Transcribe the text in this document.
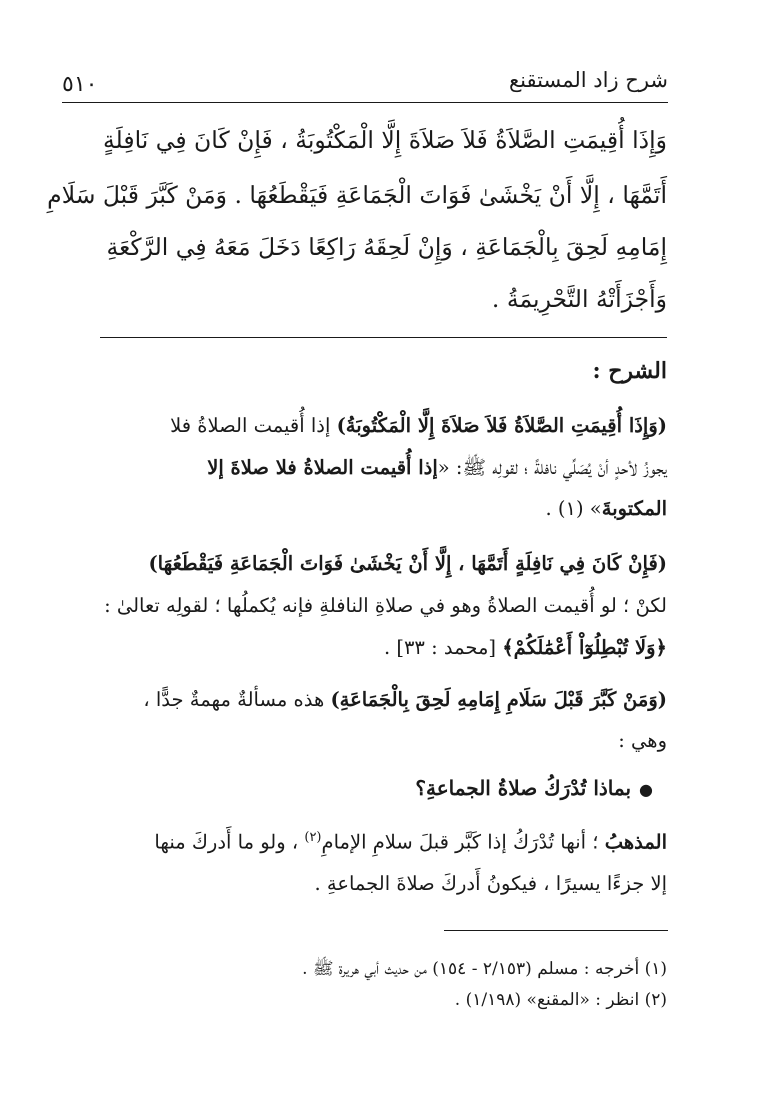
شرح زاد المستقنع
٥١٠
وَإِذَا أُقِيمَتِ الصَّلاَةُ فَلاَ صَلاَةَ إِلَّا الْمَكْتُوبَةُ ، فَإِنْ كَانَ فِي نَافِلَةٍ
أَتَمَّهَا ، إِلَّا أَنْ يَخْشَىٰ فَوَاتَ الْجَمَاعَةِ فَيَقْطَعُهَا . وَمَنْ كَبَّرَ قَبْلَ سَلَامِ
إِمَامِهِ لَحِقَ بِالْجَمَاعَةِ ، وَإِنْ لَحِقَهُ رَاكِعًا دَخَلَ مَعَهُ فِي الرَّكْعَةِ
وَأَجْزَأَتْهُ التَّحْرِيمَةُ .
الشرح :
(وَإِذَا أُقِيمَتِ الصَّلاَةُ فَلاَ صَلاَةَ إِلَّا الْمَكْتُوبَةُ) إذا أُقيمت الصلاةُ فلا
يجوزُ لأحدٍ أنْ يُصَلِّي نافلةً ؛ لقولِه ﷺ: «إذا أُقيمت الصلاةُ فلا صلاةَ إلا
المكتوبةَ» (١) .
(فَإِنْ كَانَ فِي نَافِلَةٍ أَتَمَّهَا ، إِلَّا أَنْ يَخْشَىٰ فَوَاتَ الْجَمَاعَةِ فَيَقْطَعُهَا)
لكنْ ؛ لو أُقيمت الصلاةُ وهو في صلاةِ النافلةِ فإنه يُكملُها ؛ لقولِه تعالىٰ :
﴿وَلَا تُبْطِلُوٓاْ أَعْمَٰلَكُمْ﴾ [محمد : ٣٣] .
(وَمَنْ كَبَّرَ قَبْلَ سَلَامِ إِمَامِهِ لَحِقَ بِالْجَمَاعَةِ) هذه مسألةٌ مهمةٌ جدًّا ،
وهي :
●بماذا تُدْرَكُ صلاةُ الجماعةِ؟
المذهبُ ؛ أنها تُدْرَكُ إذا كَبَّر قبلَ سلامِ الإمامِ$^{(٢)}$ ، ولو ما أَدركَ منها
إلا جزءًا يسيرًا ، فيكونُ أَدركَ صلاةَ الجماعةِ .
(١) أخرجه : مسلم (٢/١٥٣ - ١٥٤) من حديث أبي هريرة ﷺ .
(٢) انظر : «المقنع» (١/١٩٨) .
